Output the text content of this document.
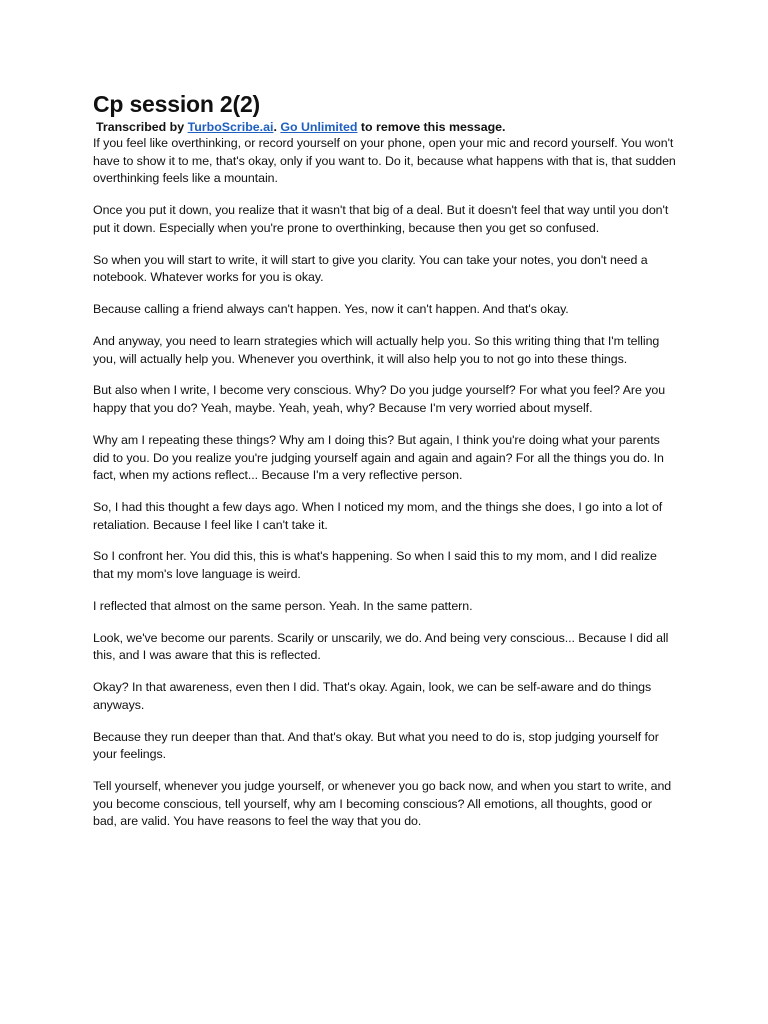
Cp session 2(2)

Transcribed by TurboScribe.ai. Go Unlimited to remove this message.

If you feel like overthinking, or record yourself on your phone, open your mic and record yourself. You won't have to show it to me, that's okay, only if you want to. Do it, because what happens with that is, that sudden overthinking feels like a mountain.

Once you put it down, you realize that it wasn't that big of a deal. But it doesn't feel that way until you don't put it down. Especially when you're prone to overthinking, because then you get so confused.

So when you will start to write, it will start to give you clarity. You can take your notes, you don't need a notebook. Whatever works for you is okay.

Because calling a friend always can't happen. Yes, now it can't happen. And that's okay.

And anyway, you need to learn strategies which will actually help you. So this writing thing that I'm telling you, will actually help you. Whenever you overthink, it will also help you to not go into these things.

But also when I write, I become very conscious. Why? Do you judge yourself? For what you feel? Are you happy that you do? Yeah, maybe. Yeah, yeah, why? Because I'm very worried about myself.

Why am I repeating these things? Why am I doing this? But again, I think you're doing what your parents did to you. Do you realize you're judging yourself again and again and again? For all the things you do. In fact, when my actions reflect... Because I'm a very reflective person.

So, I had this thought a few days ago. When I noticed my mom, and the things she does, I go into a lot of retaliation. Because I feel like I can't take it.

So I confront her. You did this, this is what's happening. So when I said this to my mom, and I did realize that my mom's love language is weird.

I reflected that almost on the same person. Yeah. In the same pattern.

Look, we've become our parents. Scarily or unscarily, we do. And being very conscious... Because I did all this, and I was aware that this is reflected.

Okay? In that awareness, even then I did. That's okay. Again, look, we can be self-aware and do things anyways.

Because they run deeper than that. And that's okay. But what you need to do is, stop judging yourself for your feelings.

Tell yourself, whenever you judge yourself, or whenever you go back now, and when you start to write, and you become conscious, tell yourself, why am I becoming conscious? All emotions, all thoughts, good or bad, are valid. You have reasons to feel the way that you do.
